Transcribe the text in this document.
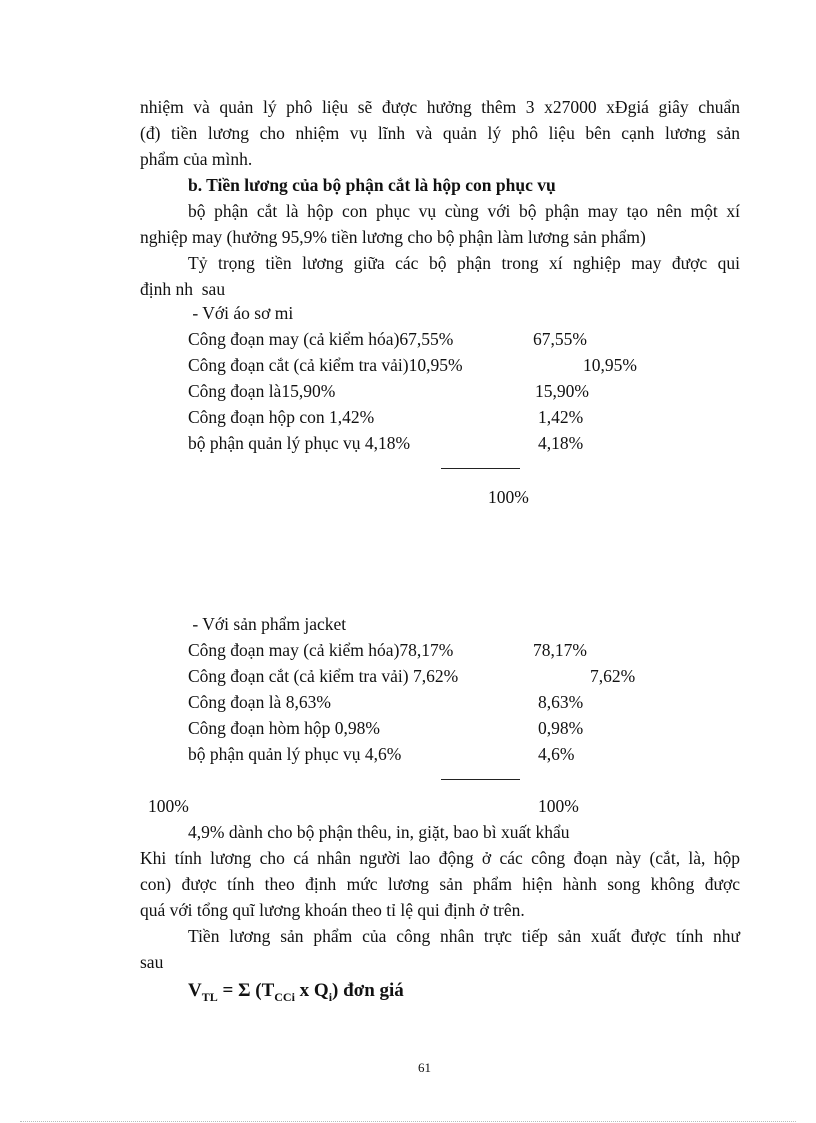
nhiệm và quản lý phô liệu sẽ được hưởng thêm 3 x27000 xĐgiá giây chuẩn
(đ) tiền lương cho nhiệm vụ lĩnh và quản lý phô liệu bên cạnh lương sản
phẩm của mình.
b. Tiền lương của bộ phận cắt là hộp con phục vụ
bộ phận cắt là hộp con phục vụ cùng với bộ phận may tạo nên một xí
nghiệp may (hưởng 95,9% tiền lương cho bộ phận làm lương sản phẩm)
Tỷ trọng tiền lương giữa các bộ phận trong xí nghiệp may được qui
định nh  sau
- Với áo sơ mi
Công đoạn may (cả kiểm hóa)67,55%	67,55%
Công đoạn cắt (cả kiểm tra vải)10,95%	10,95%
Công đoạn là15,90%	15,90%
Công đoạn hộp con 1,42%	1,42%
bộ phận quản lý phục vụ 4,18%	4,18%
100%
- Với sản phẩm jacket
Công đoạn may (cả kiểm hóa)78,17%	78,17%
Công đoạn cắt (cả kiểm tra vải) 7,62%	7,62%
Công đoạn là 8,63%	8,63%
Công đoạn hòm hộp 0,98%	0,98%
bộ phận quản lý phục vụ 4,6%	4,6%
100%	100%
4,9% dành cho bộ phận thêu, in, giặt, bao bì xuất khẩu
Khi tính lương cho cá nhân người lao động ở các công đoạn này (cắt, là, hộp
con) được tính theo định mức lương sản phẩm hiện hành song không được
quá với tổng quĩ lương khoán theo tỉ lệ qui định ở trên.
Tiền lương sản phẩm của công nhân trực tiếp sản xuất được tính như
sau
$V_{TL} = \Sigma$ ($T_{CCi}$ x $Q_i$) đơn giá
61
